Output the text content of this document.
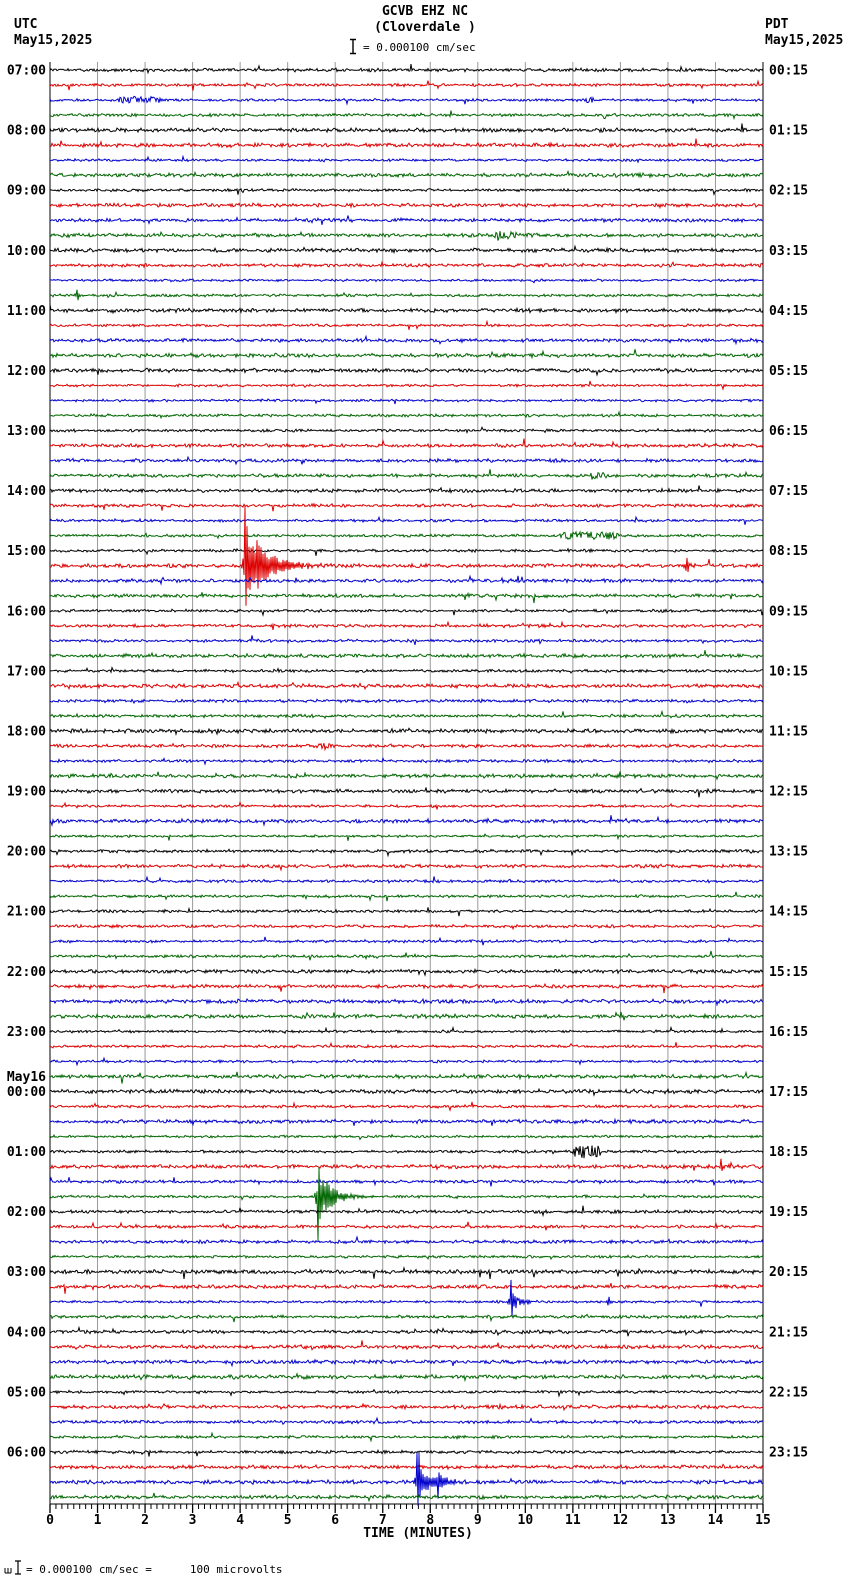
GCVB EHZ NC
(Cloverdale )
UTC
May15,2025
PDT
May15,2025
= 0.000100 cm/sec
0	1	2	3	4	5	6	7	8	9	10 11 12 13 14 15
TIME (MINUTES)
07:00
08:00
09:00
10:00
11:00
12:00
13:00
14:00
15:00
16:00
17:00
18:00
19:00
20:00
21:00
22:00
23:00
May16
00:00
01:00
02:00
03:00
04:00
05:00
06:00
00:15
01:15
02:15
03:15
04:15
05:15
06:15
07:15
08:15
09:15
10:15
11:15
12:15
13:15
14:15
15:15
16:15
17:15
18:15
19:15
20:15
21:15
22:15
23:15
= 0.000100 cm/sec =	100 microvolts
